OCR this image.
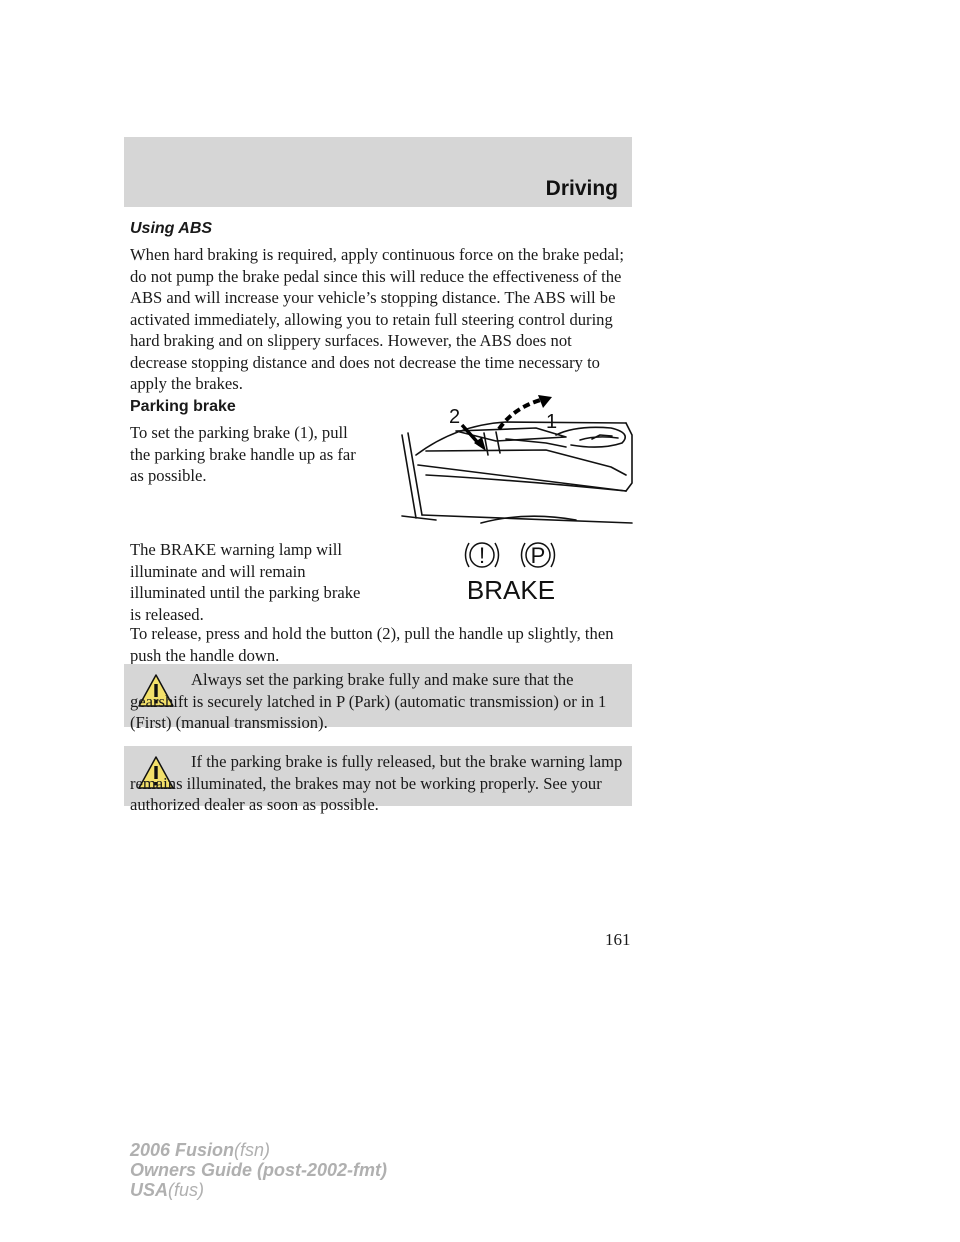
Driving
Using ABS

When hard braking is required, apply continuous force on the brake pedal; do not pump the brake pedal since this will reduce the effectiveness of the ABS and will increase your vehicle’s stopping distance. The ABS will be activated immediately, allowing you to retain full steering control during hard braking and on slippery surfaces. However, the ABS does not decrease stopping distance and does not decrease the time necessary to apply the brakes.

Parking brake

To set the parking brake (1), pull the parking brake handle up as far as possible.

2	1

The BRAKE warning lamp will illuminate and will remain illuminated until the parking brake is released.

! P
BRAKE

To release, press and hold the button (2), pull the handle up slightly, then push the handle down.

Always set the parking brake fully and make sure that the gearshift is securely latched in P (Park) (automatic transmission) or in 1 (First) (manual transmission).
If the parking brake is fully released, but the brake warning lamp remains illuminated, the brakes may not be working properly. See your authorized dealer as soon as possible.
161
2006 Fusion(fsn)
Owners Guide (post-2002-fmt)
USA(fus)
